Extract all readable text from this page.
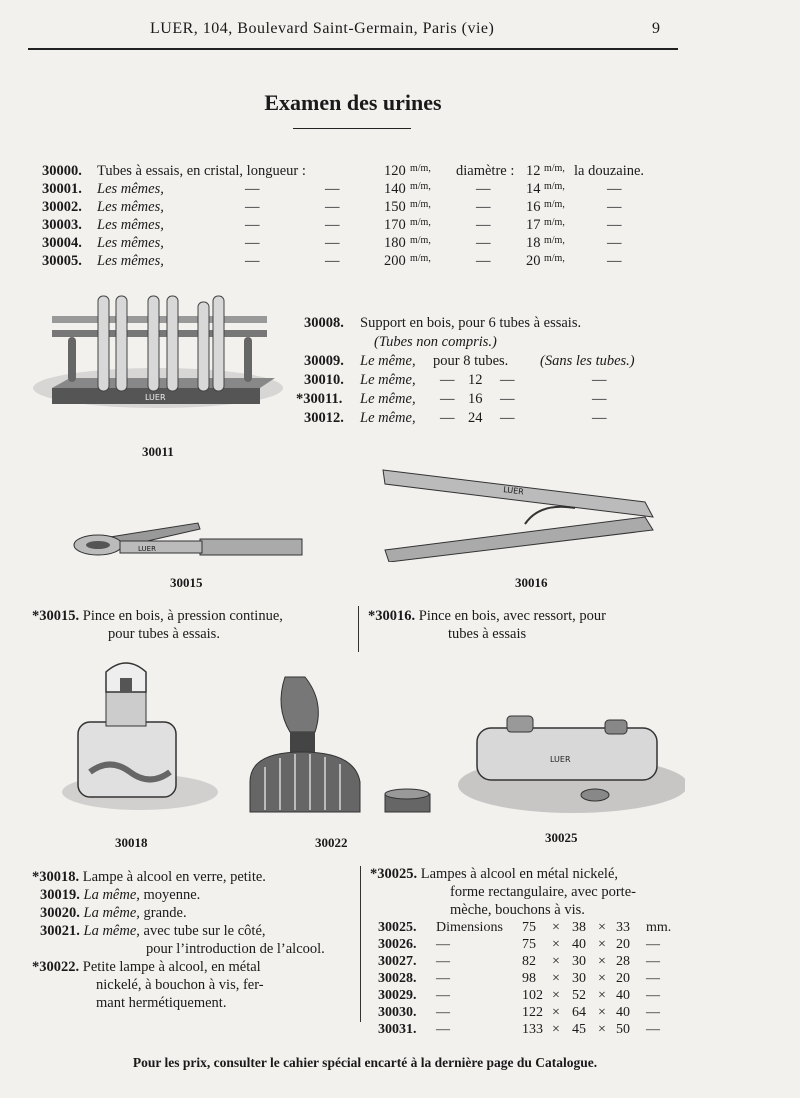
LUER, 104, Boulevard Saint-Germain, Paris (vie)	9
Examen des urines
30000. Tubes à essais, en cristal, longueur :	120 m/m, diamètre : 12 m/m, la douzaine.
30001. Les mêmes,	—	—	140 m/m,	— 14 m/m,	—
30002. Les mêmes,	—	—	150 m/m,	— 16 m/m,	—
30003. Les mêmes,	—	—	170 m/m,	— 17 m/m,	—
30004. Les mêmes,	—	—	180 m/m,	— 18 m/m,	—
30005. Les mêmes,	—	—	200 m/m,	— 20 m/m,	—
LUER
30011
30008. Support en bois, pour 6 tubes à essais.
(Tubes non compris.)
30009. Le même, pour 8 tubes. (Sans les tubes.)
30010. Le même, — 12 —	—
*30011. Le même, — 16 —	—
30012. Le même, — 24 —	—
LUER
30015
LUER
30016
*30015. Pince en bois, à pression continue,
pour tubes à essais.
*30016. Pince en bois, avec ressort, pour
tubes à essais
30018	30022
LUER
30025
*30018. Lampe à alcool en verre, petite.
30019. La même, moyenne.
30020. La même, grande.
30021. La même, avec tube sur le côté,
pour l’introduction de l’alcool.
*30022. Petite lampe à alcool, en métal
nickelé, à bouchon à vis, fer-
mant hermétiquement.
*30025. Lampes à alcool en métal nickelé,
forme rectangulaire, avec porte-
mèche, bouchons à vis.
30025. Dimensions 75 × 38 × 33 mm.
30026. —	75 × 40 × 20 —
30027. —	82 × 30 × 28 —
30028. —	98 × 30 × 20 —
30029. —	102 × 52 × 40 —
30030. —	122 × 64 × 40 —
30031. —	133 × 45 × 50 —
Pour les prix, consulter le cahier spécial encarté à la dernière page du Catalogue.
